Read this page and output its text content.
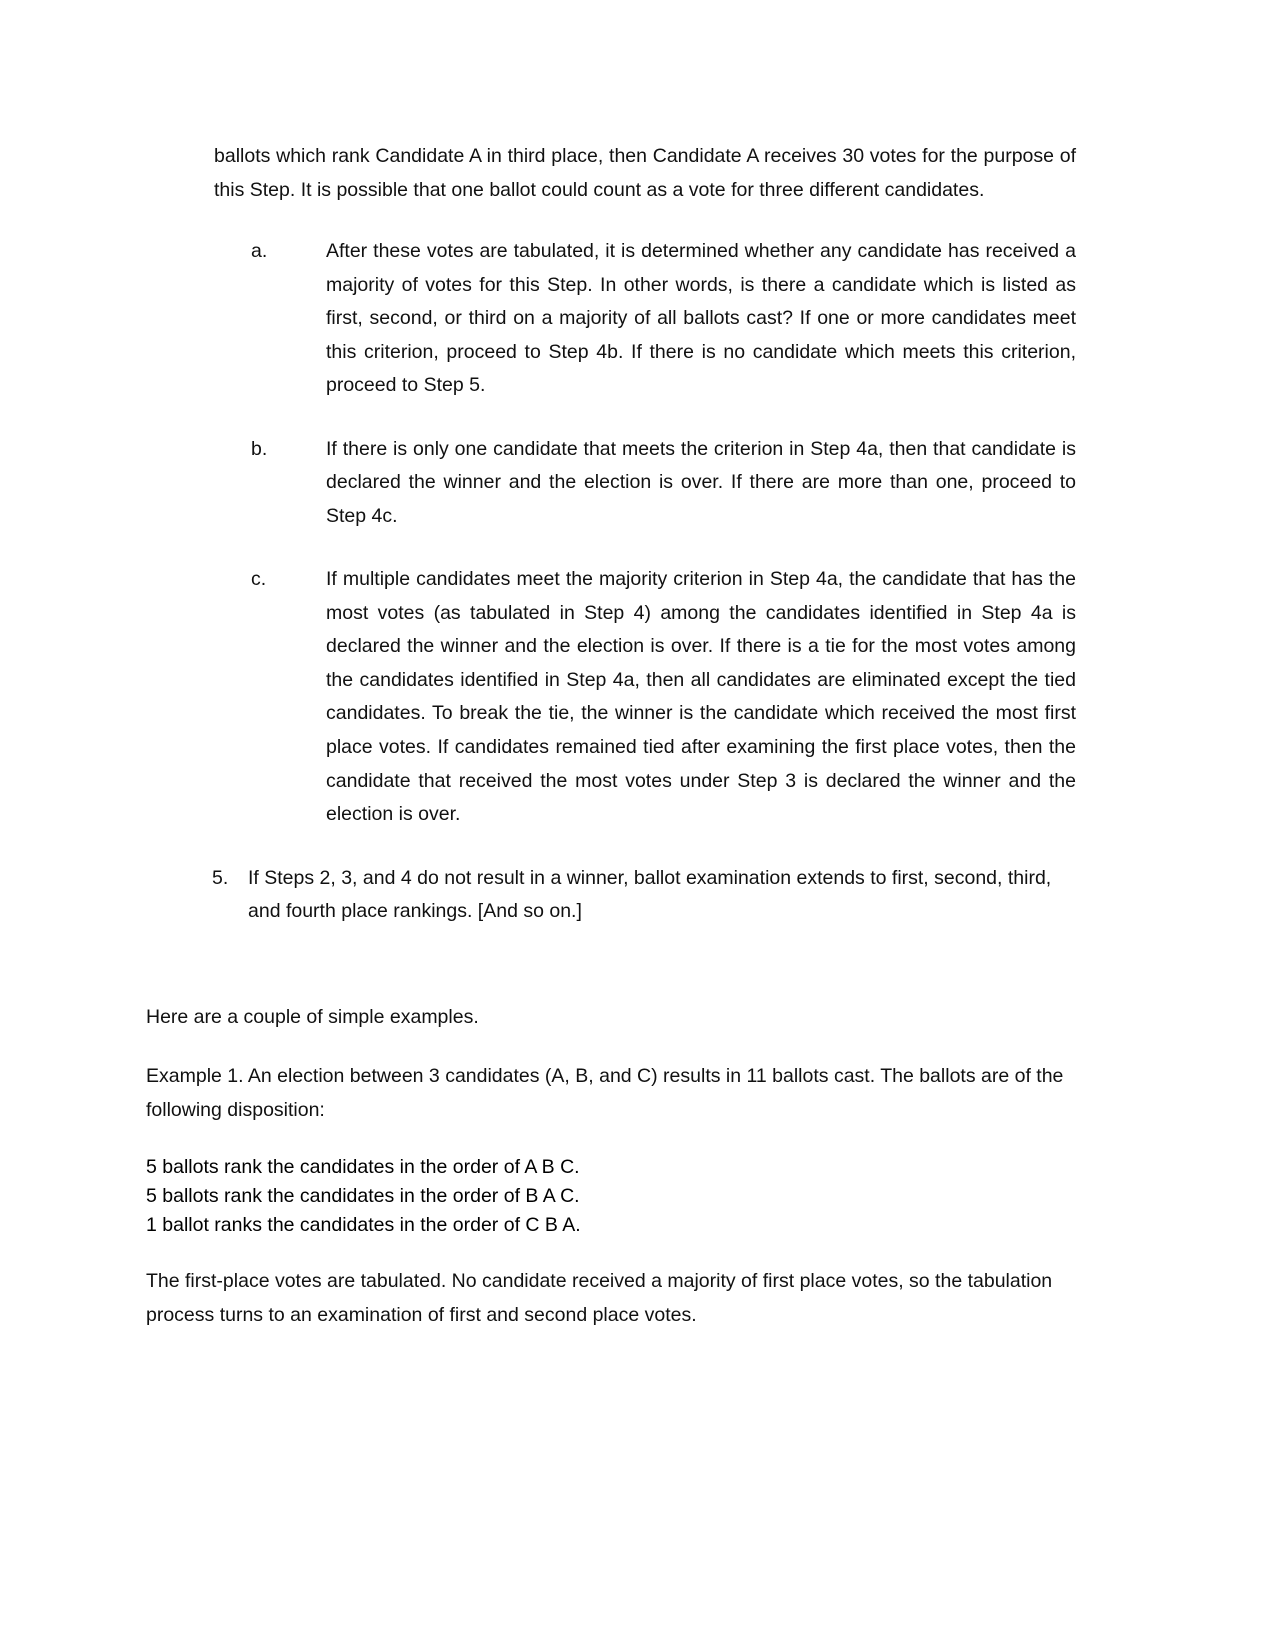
ballots which rank Candidate A in third place, then Candidate A receives 30 votes for the purpose of this Step. It is possible that one ballot could count as a vote for three different candidates.

a.	After these votes are tabulated, it is determined whether any candidate has received a majority of votes for this Step. In other words, is there a candidate which is listed as first, second, or third on a majority of all ballots cast? If one or more candidates meet this criterion, proceed to Step 4b. If there is no candidate which meets this criterion, proceed to Step 5.
b.	If there is only one candidate that meets the criterion in Step 4a, then that candidate is declared the winner and the election is over. If there are more than one, proceed to Step 4c.
c.	If multiple candidates meet the majority criterion in Step 4a, the candidate that has the most votes (as tabulated in Step 4) among the candidates identified in Step 4a is declared the winner and the election is over. If there is a tie for the most votes among the candidates identified in Step 4a, then all candidates are eliminated except the tied candidates. To break the tie, the winner is the candidate which received the most first place votes. If candidates remained tied after examining the first place votes, then the candidate that received the most votes under Step 3 is declared the winner and the election is over.
5. If Steps 2, 3, and 4 do not result in a winner, ballot examination extends to first, second, third, and fourth place rankings. [And so on.]

Here are a couple of simple examples.

Example 1. An election between 3 candidates (A, B, and C) results in 11 ballots cast. The ballots are of the following disposition:

5 ballots rank the candidates in the order of A B C.
5 ballots rank the candidates in the order of B A C.
1 ballot ranks the candidates in the order of C B A.

The first-place votes are tabulated. No candidate received a majority of first place votes, so the tabulation process turns to an examination of first and second place votes.
